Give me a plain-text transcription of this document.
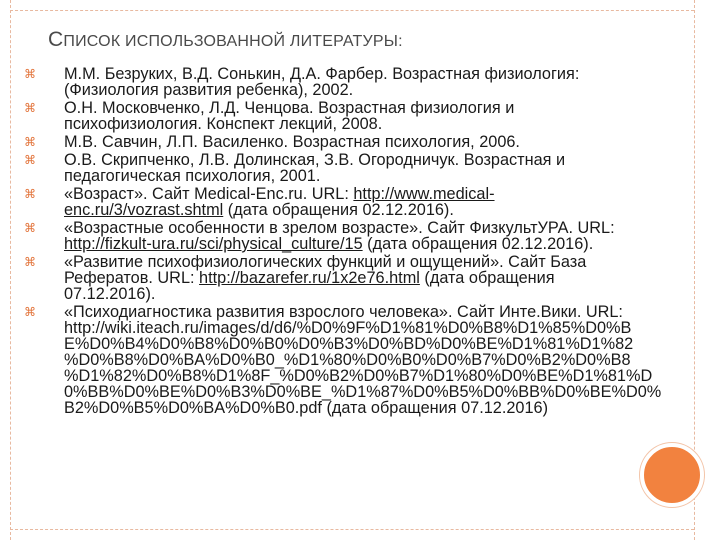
СПИСОК ИСПОЛЬЗОВАННОЙ ЛИТЕРАТУРЫ:
⌘ М.М. Безруких, В.Д. Сонькин, Д.А. Фарбер. Возрастная физиология:
(Физиология развития ребенка), 2002.
⌘ О.Н. Московченко, Л.Д. Ченцова. Возрастная физиология и
психофизиология. Конспект лекций, 2008.
⌘ М.В. Савчин, Л.П. Василенко. Возрастная психология, 2006.
⌘ О.В. Скрипченко, Л.В. Долинская, З.В. Огородничук. Возрастная и
педагогическая психология, 2001.
⌘ «Возраст». Сайт Medical-Enc.ru. URL: http://www.medical-
enc.ru/3/vozrast.shtml (дата обращения 02.12.2016).
⌘ «Возрастные особенности в зрелом возрасте». Сайт ФизкультУРА. URL:
http://fizkult-ura.ru/sci/physical_culture/15 (дата обращения 02.12.2016).
⌘ «Развитие психофизиологических функций и ощущений». Сайт База
Рефератов. URL: http://bazarefer.ru/1x2e76.html (дата обращения
07.12.2016).
⌘ «Психодиагностика развития взрослого человека». Сайт Инте.Вики. URL:
http://wiki.iteach.ru/images/d/d6/%D0%9F%D1%81%D0%B8%D1%85%D0%B
E%D0%B4%D0%B8%D0%B0%D0%B3%D0%BD%D0%BE%D1%81%D1%82
%D0%B8%D0%BA%D0%B0_%D1%80%D0%B0%D0%B7%D0%B2%D0%B8
%D1%82%D0%B8%D1%8F_%D0%B2%D0%B7%D1%80%D0%BE%D1%81%D0%BB%D0%BE%D0%B3%D0%BE_%D1%87%D0%B5%D0%BB%D0%BE%D0%B2%D0%B5%D0%BA%D0%B0.pdf (дата обращения 07.12.2016)
